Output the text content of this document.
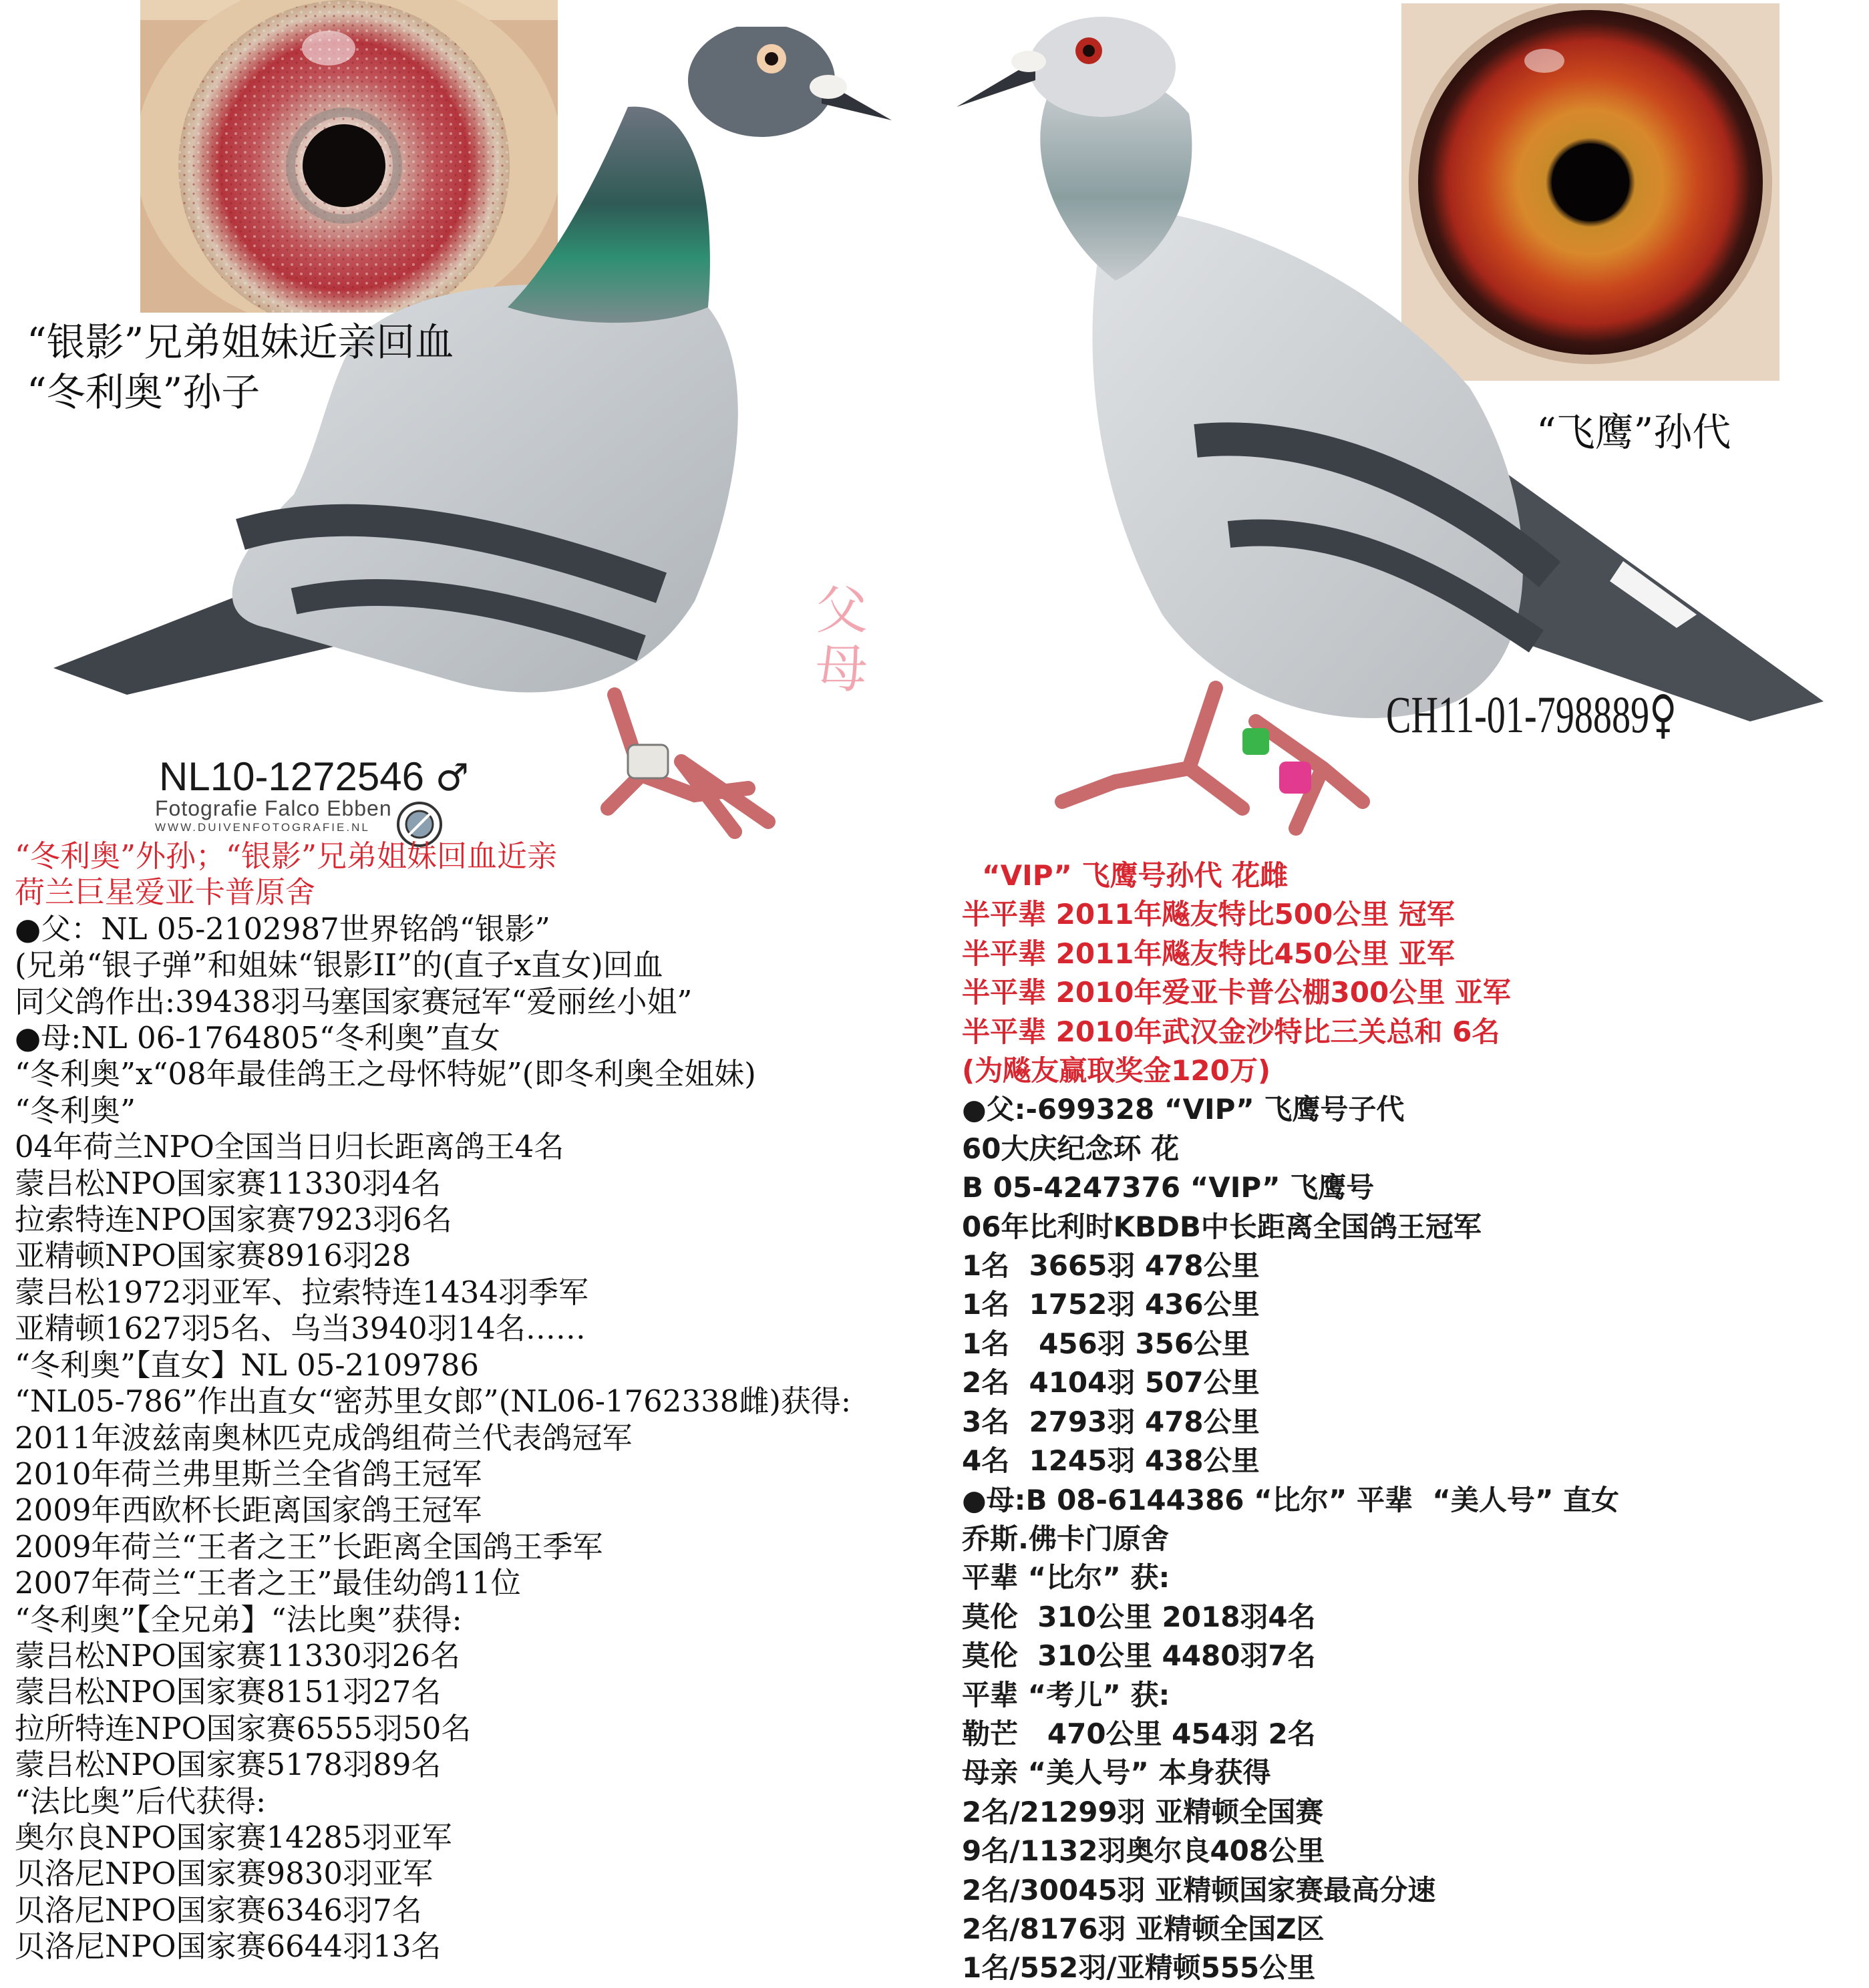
“银影”兄弟姐妹近亲回血
“冬利奥”孙子
“飞鹰”孙代
父母
NL10-1272546 ♂
CH11-01-798889♀
Fotografie Falco Ebben
WWW.DUIVENFOTOGRAFIE.NL
“冬利奥”外孙；“银影”兄弟姐妹回血近亲
荷兰巨星爱亚卡普原舍
●父：NL 05-2102987世界铭鸽“银影”
(兄弟“银子弹”和姐妹“银影II”的(直子x直女)回血
同父鸽作出:39438羽马塞国家赛冠军“爱丽丝小姐”
●母:NL 06-1764805“冬利奥”直女
“冬利奥”x“08年最佳鸽王之母怀特妮”(即冬利奥全姐妹)
“冬利奥”
04年荷兰NPO全国当日归长距离鸽王4名
蒙吕松NPO国家赛11330羽4名
拉索特连NPO国家赛7923羽6名
亚精顿NPO国家赛8916羽28
蒙吕松1972羽亚军、拉索特连1434羽季军
亚精顿1627羽5名、乌当3940羽14名……
“冬利奥”【直女】NL 05-2109786
“NL05-786”作出直女“密苏里女郎”(NL06-1762338雌)获得:
2011年波兹南奥林匹克成鸽组荷兰代表鸽冠军
2010年荷兰弗里斯兰全省鸽王冠军
2009年西欧杯长距离国家鸽王冠军
2009年荷兰“王者之王”长距离全国鸽王季军
2007年荷兰“王者之王”最佳幼鸽11位
“冬利奥”【全兄弟】“法比奥”获得:
蒙吕松NPO国家赛11330羽26名
蒙吕松NPO国家赛8151羽27名
拉所特连NPO国家赛6555羽50名
蒙吕松NPO国家赛5178羽89名
“法比奥”后代获得:
奥尔良NPO国家赛14285羽亚军
贝洛尼NPO国家赛9830羽亚军
贝洛尼NPO国家赛6346羽7名
贝洛尼NPO国家赛6644羽13名
“VIP” 飞鹰号孙代 花雌
半平辈 2011年飚友特比500公里 冠军
半平辈 2011年飚友特比450公里 亚军
半平辈 2010年爱亚卡普公棚300公里 亚军
半平辈 2010年武汉金沙特比三关总和 6名
(为飚友赢取奖金120万)
●父:-699328 “VIP” 飞鹰号子代
60大庆纪念环 花
B 05-4247376 “VIP” 飞鹰号
06年比利时KBDB中长距离全国鸽王冠军
1名  3665羽 478公里
1名  1752羽 436公里
1名   456羽 356公里
2名  4104羽 507公里
3名  2793羽 478公里
4名  1245羽 438公里
●母:B 08-6144386 “比尔” 平辈  “美人号” 直女
乔斯.佛卡门原舍
平辈 “比尔” 获:
莫伦  310公里 2018羽4名
莫伦  310公里 4480羽7名
平辈 “考儿” 获:
勒芒   470公里 454羽 2名
母亲 “美人号” 本身获得
2名/21299羽 亚精顿全国赛
9名/1132羽奥尔良408公里
2名/30045羽 亚精顿国家赛最高分速
2名/8176羽 亚精顿全国Z区
1名/552羽/亚精顿555公里
